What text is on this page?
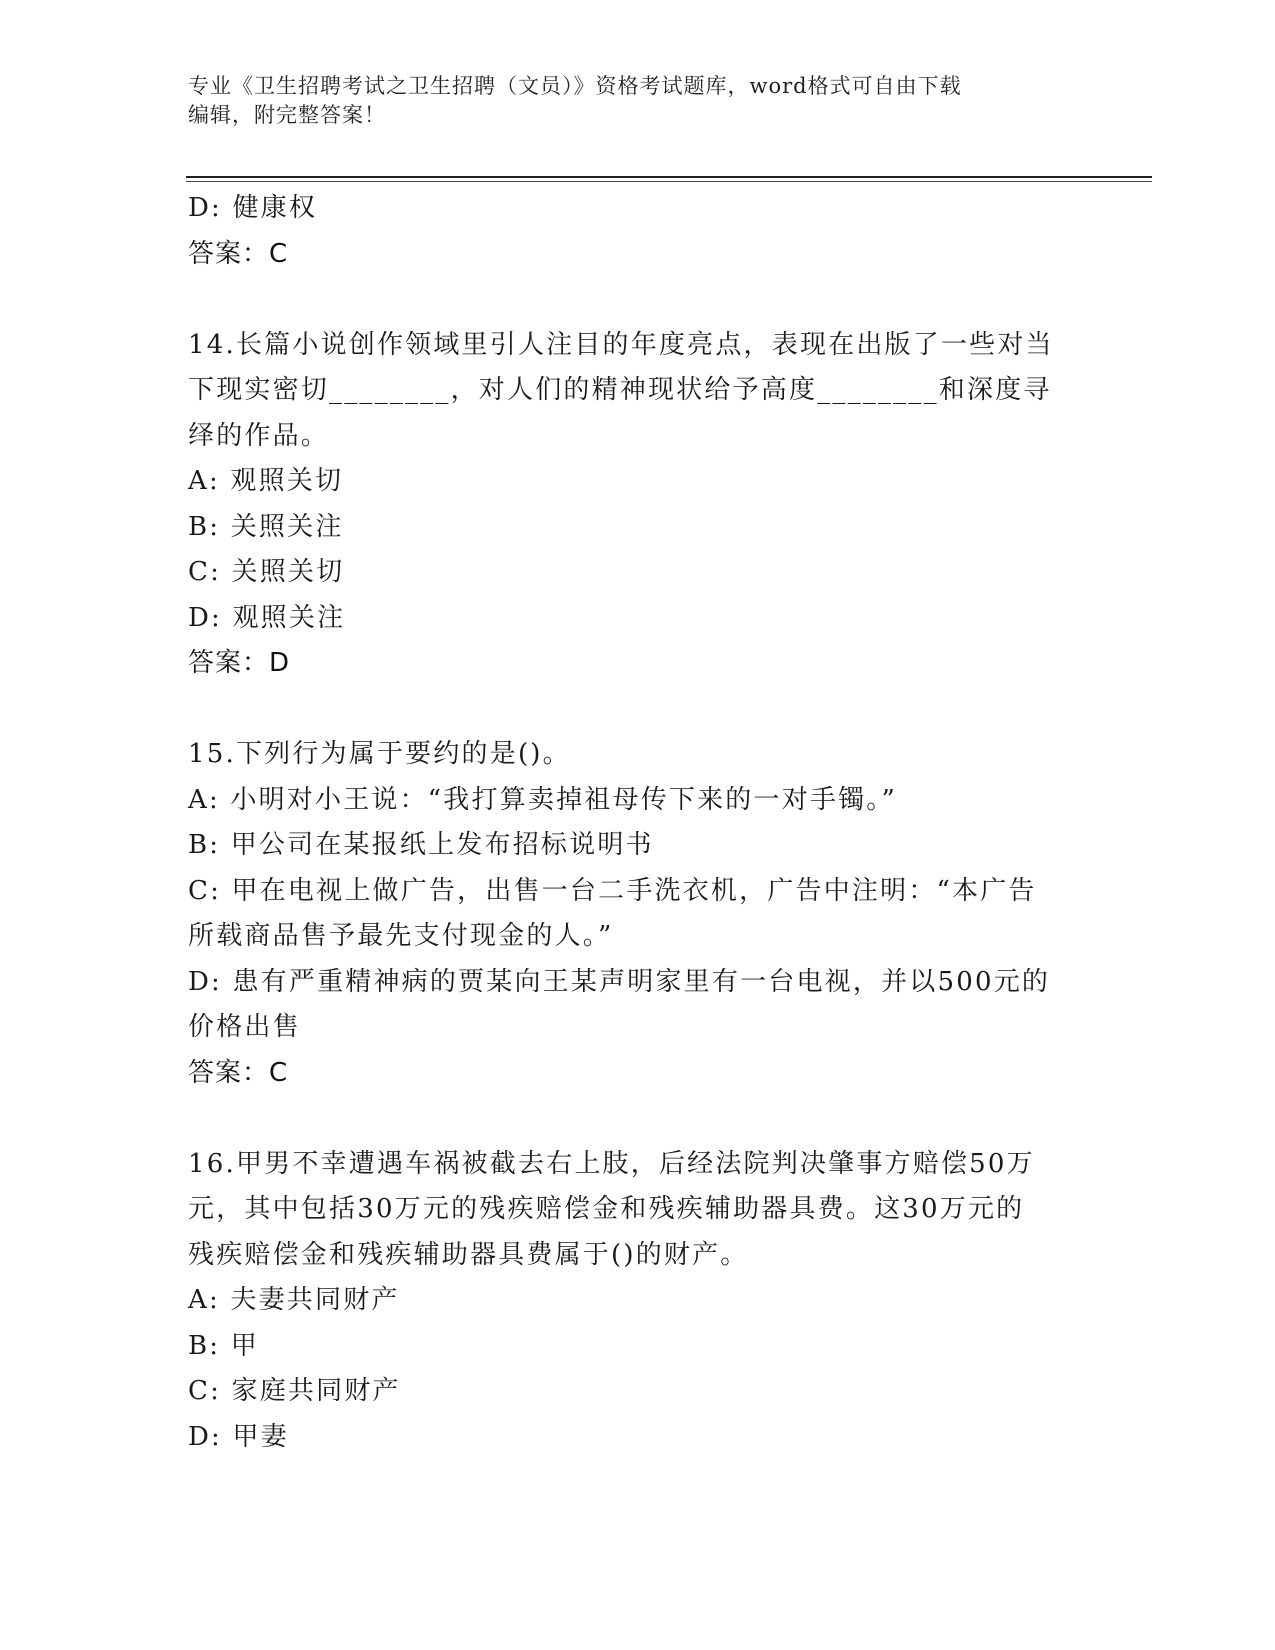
专业《卫生招聘考试之卫生招聘（文员）》资格考试题库，word格式可自由下载
编辑，附完整答案！

D: 健康权

答案：C

14.长篇小说创作领域里引人注目的年度亮点，表现在出版了一些对当

下现实密切________，对人们的精神现状给予高度________和深度寻

绎的作品。

A: 观照关切

B: 关照关注

C: 关照关切

D: 观照关注

答案：D

15.下列行为属于要约的是()。

A: 小明对小王说：“我打算卖掉祖母传下来的一对手镯。”

B: 甲公司在某报纸上发布招标说明书

C: 甲在电视上做广告，出售一台二手洗衣机，广告中注明：“本广告

所载商品售予最先支付现金的人。”

D: 患有严重精神病的贾某向王某声明家里有一台电视，并以500元的

价格出售

答案：C

16.甲男不幸遭遇车祸被截去右上肢，后经法院判决肇事方赔偿50万

元，其中包括30万元的残疾赔偿金和残疾辅助器具费。这30万元的

残疾赔偿金和残疾辅助器具费属于()的财产。

A: 夫妻共同财产

B: 甲

C: 家庭共同财产

D: 甲妻
